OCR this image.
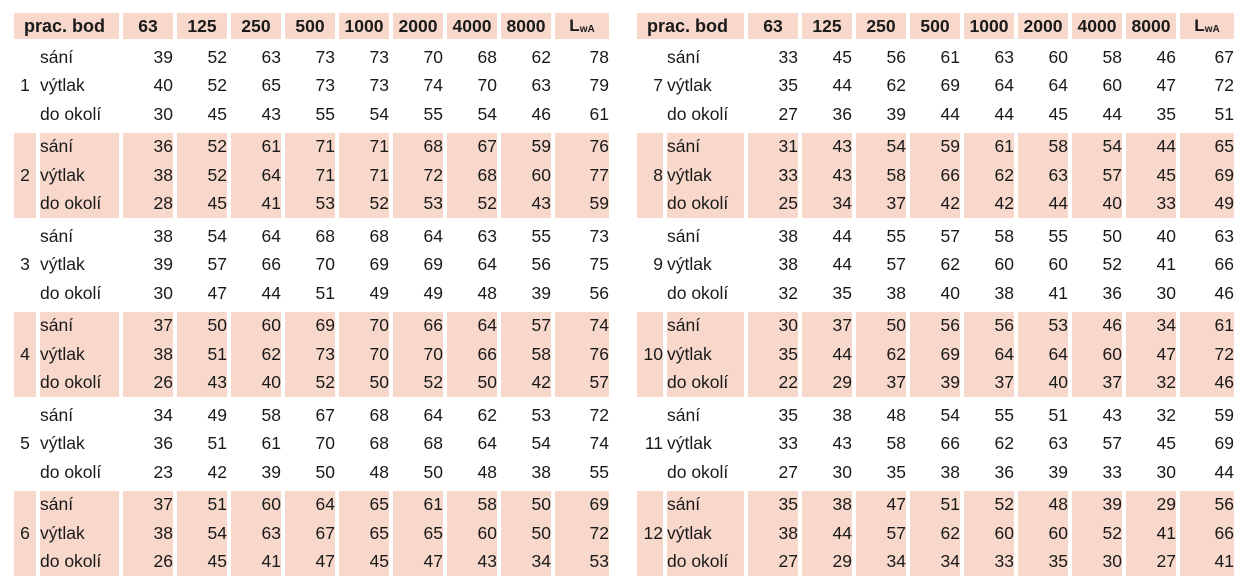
prac. bod		63	125	250	500	1000	2000	4000	8000	$L_{wA}$
	sání	39	52	63	73	73	70	68	62	78
1	výtlak	40	52	65	73	73	74	70	63	79
	do okolí	30	45	43	55	54	55	54	46	61

	sání	36	52	61	71	71	68	67	59	76
2	výtlak	38	52	64	71	71	72	68	60	77
	do okolí	28	45	41	53	52	53	52	43	59

	sání	38	54	64	68	68	64	63	55	73
3	výtlak	39	57	66	70	69	69	64	56	75
	do okolí	30	47	44	51	49	49	48	39	56

	sání	37	50	60	69	70	66	64	57	74
4	výtlak	38	51	62	73	70	70	66	58	76
	do okolí	26	43	40	52	50	52	50	42	57

	sání	34	49	58	67	68	64	62	53	72
5	výtlak	36	51	61	70	68	68	64	54	74
	do okolí	23	42	39	50	48	50	48	38	55

	sání	37	51	60	64	65	61	58	50	69
6	výtlak	38	54	63	67	65	65	60	50	72
	do okolí	26	45	41	47	45	47	43	34	53
prac. bod		63	125	250	500	1000	2000	4000	8000	$L_{wA}$
	sání	33	45	56	61	63	60	58	46	67
7	výtlak	35	44	62	69	64	64	60	47	72
	do okolí	27	36	39	44	44	45	44	35	51

	sání	31	43	54	59	61	58	54	44	65
8	výtlak	33	43	58	66	62	63	57	45	69
	do okolí	25	34	37	42	42	44	40	33	49

	sání	38	44	55	57	58	55	50	40	63
9	výtlak	38	44	57	62	60	60	52	41	66
	do okolí	32	35	38	40	38	41	36	30	46

	sání	30	37	50	56	56	53	46	34	61
10	výtlak	35	44	62	69	64	64	60	47	72
	do okolí	22	29	37	39	37	40	37	32	46

	sání	35	38	48	54	55	51	43	32	59
11	výtlak	33	43	58	66	62	63	57	45	69
	do okolí	27	30	35	38	36	39	33	30	44

	sání	35	38	47	51	52	48	39	29	56
12	výtlak	38	44	57	62	60	60	52	41	66
	do okolí	27	29	34	34	33	35	30	27	41
